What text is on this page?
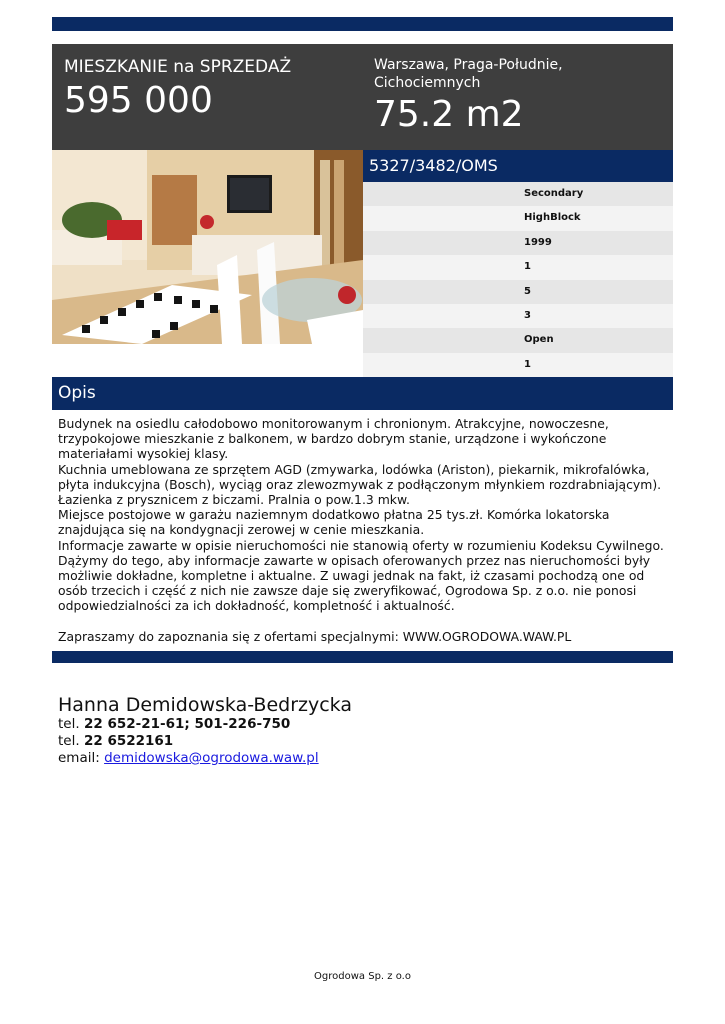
MIESZKANIE na SPRZEDAŻ
595 000
Warszawa, Praga-Południe, Cichociemnych
75.2 m2
5327/3482/OMS
Secondary
HighBlock
1999
1
5
3
Open
1
Opis

Budynek na osiedlu całodobowo monitorowanym i chronionym. Atrakcyjne, nowoczesne, trzypokojowe mieszkanie z balkonem, w bardzo dobrym stanie, urządzone i wykończone materiałami wysokiej klasy.

Kuchnia umeblowana ze sprzętem AGD (zmywarka, lodówka (Ariston), piekarnik, mikrofalówka, płyta indukcyjna (Bosch), wyciąg oraz zlewozmywak z podłączonym młynkiem rozdrabniającym).

Łazienka z prysznicem z biczami. Pralnia o pow.1.3 mkw.

Miejsce postojowe w garażu naziemnym dodatkowo płatna 25 tys.zł. Komórka lokatorska znajdująca się na kondygnacji zerowej w cenie mieszkania.

Informacje zawarte w opisie nieruchomości nie stanowią oferty w rozumieniu Kodeksu Cywilnego. Dążymy do tego, aby informacje zawarte w opisach oferowanych przez nas nieruchomości były możliwie dokładne, kompletne i aktualne. Z uwagi jednak na fakt, iż czasami pochodzą one od osób trzecich i część z nich nie zawsze daje się zweryfikować, Ogrodowa Sp. z o.o. nie ponosi odpowiedzialności za ich dokładność, kompletność i aktualność.

Zapraszamy do zapoznania się z ofertami specjalnymi: WWW.OGRODOWA.WAW.PL

Hanna Demidowska-Bedrzycka
tel. 22 652-21-61; 501-226-750
tel. 22 6522161
email: demidowska@ogrodowa.waw.pl
Ogrodowa Sp. z o.o
